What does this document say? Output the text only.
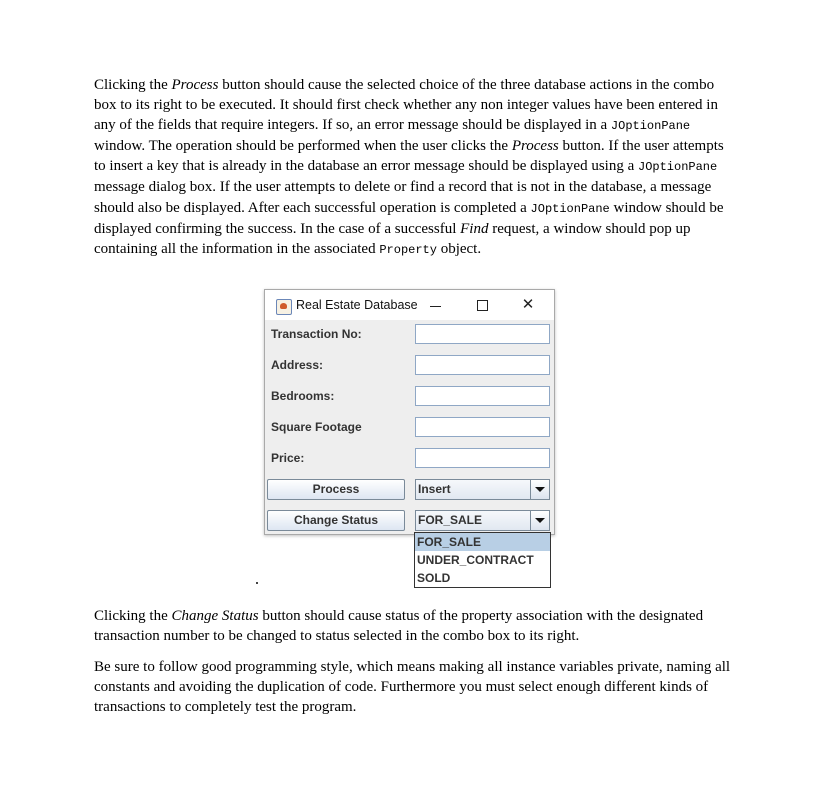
Clicking the Process button should cause the selected choice of the three database actions in the combo box to its right to be executed. It should first check whether any non integer values have been entered in any of the fields that require integers. If so, an error message should be displayed in a JOptionPane window. The operation should be performed when the user clicks the Process button. If the user attempts to insert a key that is already in the database an error message should be displayed using a JOptionPane message dialog box. If the user attempts to delete or find a record that is not in the database, a message should also be displayed. After each successful operation is completed a JOptionPane window should be displayed confirming the success. In the case of a successful Find request, a window should pop up containing all the information in the associated Property object.

Real Estate Database	✕
Transaction No:
Address:
Bedrooms:
Square Footage
Price:
Process	Insert
Change Status	FOR_SALE
FOR_SALE
UNDER_CONTRACT
SOLD

Clicking the Change Status button should cause status of the property association with the designated transaction number to be changed to status selected in the combo box to its right.

Be sure to follow good programming style, which means making all instance variables private, naming all constants and avoiding the duplication of code. Furthermore you must select enough different kinds of transactions to completely test the program.
